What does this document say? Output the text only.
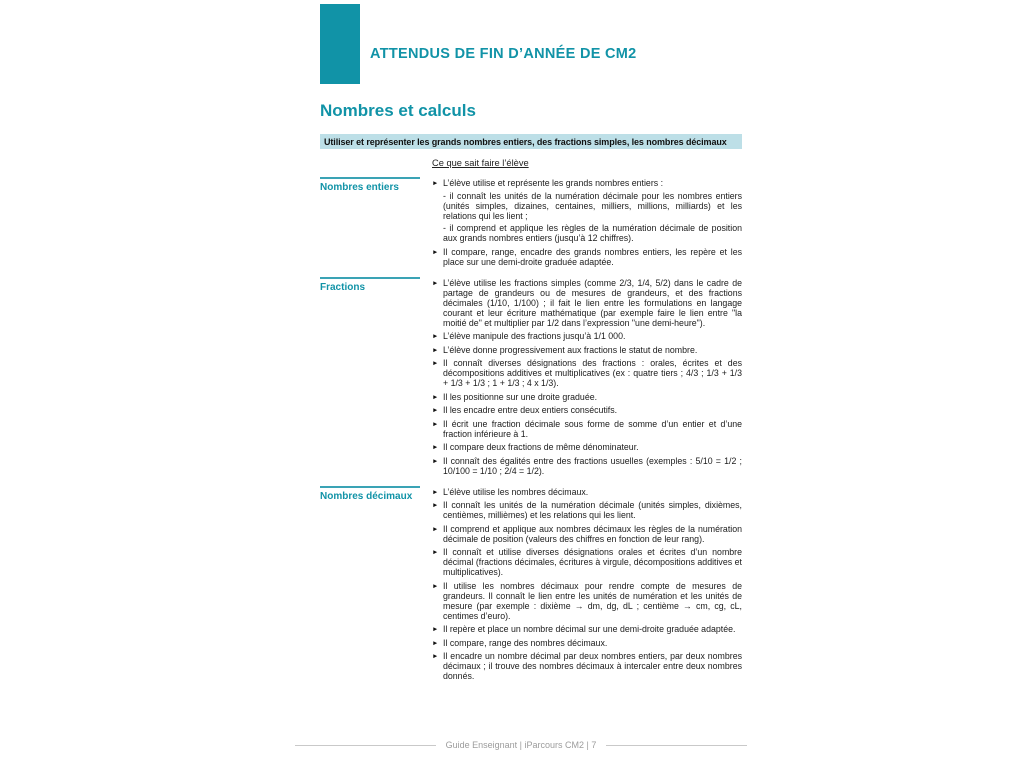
ATTENDUS DE FIN D’ANNÉE DE CM2
Nombres et calculs
Utiliser et représenter les grands nombres entiers, des fractions simples, les nombres décimaux
Ce que sait faire l’élève
Nombres entiers	► L’élève utilise et représente les grands nombres entiers :
- il connaît les unités de la numération décimale pour les nombres entiers (unités simples, dizaines, centaines, milliers, millions, milliards) et les relations qui les lient ;
- il comprend et applique les règles de la numération décimale de position aux grands nombres entiers (jusqu’à 12 chiffres).
► Il compare, range, encadre des grands nombres entiers, les repère et les place sur une demi-droite graduée adaptée.
Fractions	► L’élève utilise les fractions simples (comme 2/3, 1/4, 5/2) dans le cadre de partage de grandeurs ou de mesures de grandeurs, et des fractions décimales (1/10, 1/100) ; il fait le lien entre les formulations en langage courant et leur écriture mathématique (par exemple faire le lien entre "la moitié de" et multiplier par 1/2 dans l’expression "une demi-heure").
► L’élève manipule des fractions jusqu’à 1/1 000.
► L’élève donne progressivement aux fractions le statut de nombre.
► Il connaît diverses désignations des fractions : orales, écrites et des décompositions additives et multiplicatives (ex : quatre tiers ; 4/3 ; 1/3 + 1/3 + 1/3 + 1/3 ; 1 + 1/3 ; 4 x 1/3).
► Il les positionne sur une droite graduée.
► Il les encadre entre deux entiers consécutifs.
► Il écrit une fraction décimale sous forme de somme d’un entier et d’une fraction inférieure à 1.
► Il compare deux fractions de même dénominateur.
► Il connaît des égalités entre des fractions usuelles (exemples : 5/10 = 1/2 ; 10/100 = 1/10 ; 2/4 = 1/2).
Nombres décimaux	► L’élève utilise les nombres décimaux.
► Il connaît les unités de la numération décimale (unités simples, dixièmes, centièmes, millièmes) et les relations qui les lient.
► Il comprend et applique aux nombres décimaux les règles de la numération décimale de position (valeurs des chiffres en fonction de leur rang).
► Il connaît et utilise diverses désignations orales et écrites d’un nombre décimal (fractions décimales, écritures à virgule, décompositions additives et multiplicatives).
► Il utilise les nombres décimaux pour rendre compte de mesures de grandeurs. Il connaît le lien entre les unités de numération et les unités de mesure (par exemple : dixième → dm, dg, dL ; centième → cm, cg, cL, centimes d’euro).
► Il repère et place un nombre décimal sur une demi-droite graduée adaptée.
► Il compare, range des nombres décimaux.
► Il encadre un nombre décimal par deux nombres entiers, par deux nombres décimaux ; il trouve des nombres décimaux à intercaler entre deux nombres donnés.
Guide Enseignant | iParcours CM2 | 7
